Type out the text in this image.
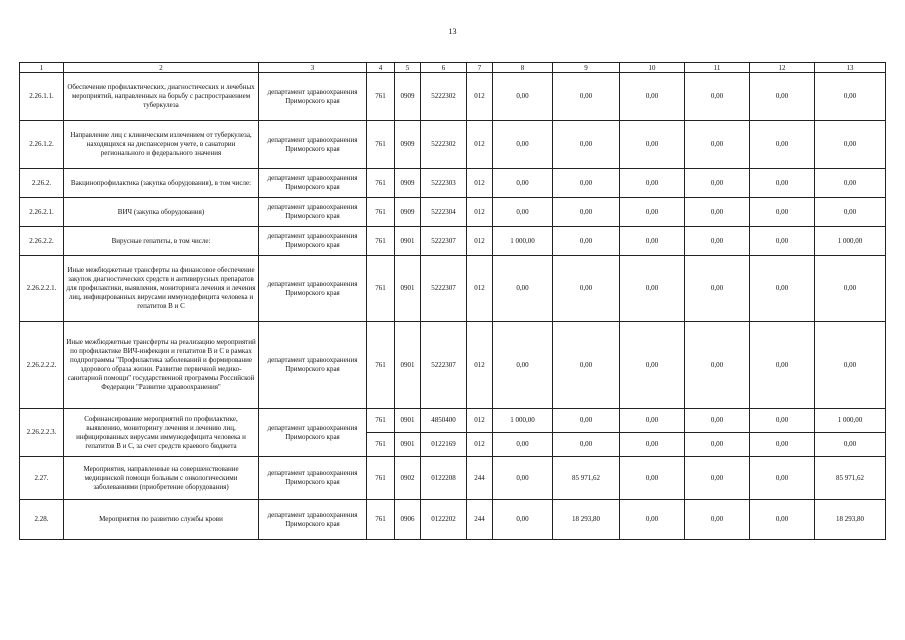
13
1	2	3	4	5	6	7	8	9	10	11	12	13
2.26.1.1.	Обеспечение профилактических, диагностических и лечебных мероприятий, направленных на борьбу с распространением туберкулеза	департамент здравоохранения Приморского края	761	0909	5222302	012	0,00	0,00	0,00	0,00	0,00	0,00
2.26.1.2.	Направление лиц с клиническим излечением от туберкулеза, находящихся на диспансерном учете, в санатории регионального и федерального значения	департамент здравоохранения Приморского края	761	0909	5222302	012	0,00	0,00	0,00	0,00	0,00	0,00
2.26.2.	Вакцинопрофилактика (закупка оборудования), в том числе:	департамент здравоохранения Приморского края	761	0909	5222303	012	0,00	0,00	0,00	0,00	0,00	0,00
2.26.2.1.	ВИЧ (закупка оборудования)	департамент здравоохранения Приморского края	761	0909	5222304	012	0,00	0,00	0,00	0,00	0,00	0,00
2.26.2.2.	Вирусные гепатиты, в том числе:	департамент здравоохранения Приморского края	761	0901	5222307	012	1 000,00	0,00	0,00	0,00	0,00	1 000,00
2.26.2.2.1.	Иные межбюджетные трансферты на финансовое обеспечение закупок диагностических средств и антивирусных препаратов для профилактики, выявления, мониторинга лечения и лечения лиц, инфицированных вирусами иммунодефицита человека и гепатитов B и C	департамент здравоохранения Приморского края	761	0901	5222307	012	0,00	0,00	0,00	0,00	0,00	0,00
2.26.2.2.2.	Иные межбюджетные трансферты на реализацию мероприятий по профилактике ВИЧ-инфекции и гепатитов B и C в рамках подпрограммы "Профилактика заболеваний и формирование здорового образа жизни. Развитие первичной медико-санитарной помощи" государственной программы Российской Федерации "Развитие здравоохранения"	департамент здравоохранения Приморского края	761	0901	5222307	012	0,00	0,00	0,00	0,00	0,00	0,00
2.26.2.2.3.	Софинансирование мероприятий по профилактике, выявлению, мониторингу лечения и лечению лиц, инфицированных вирусами иммунодефицита человека и гепатитов B и C, за счет средств краевого бюджета	департамент здравоохранения Приморского края	761	0901	4850400	012	1 000,00	0,00	0,00	0,00	0,00	1 000,00
			761	0901	0122169	012	0,00	0,00	0,00	0,00	0,00	0,00
2.27.	Мероприятия, направленные на совершенствование медицинской помощи больным с онкологическими заболеваниями (приобретение оборудования)	департамент здравоохранения Приморского края	761	0902	0122208	244	0,00	85 971,62	0,00	0,00	0,00	85 971,62
2.28.	Мероприятия по развитию службы крови	департамент здравоохранения Приморского края	761	0906	0122202	244	0,00	18 293,80	0,00	0,00	0,00	18 293,80
